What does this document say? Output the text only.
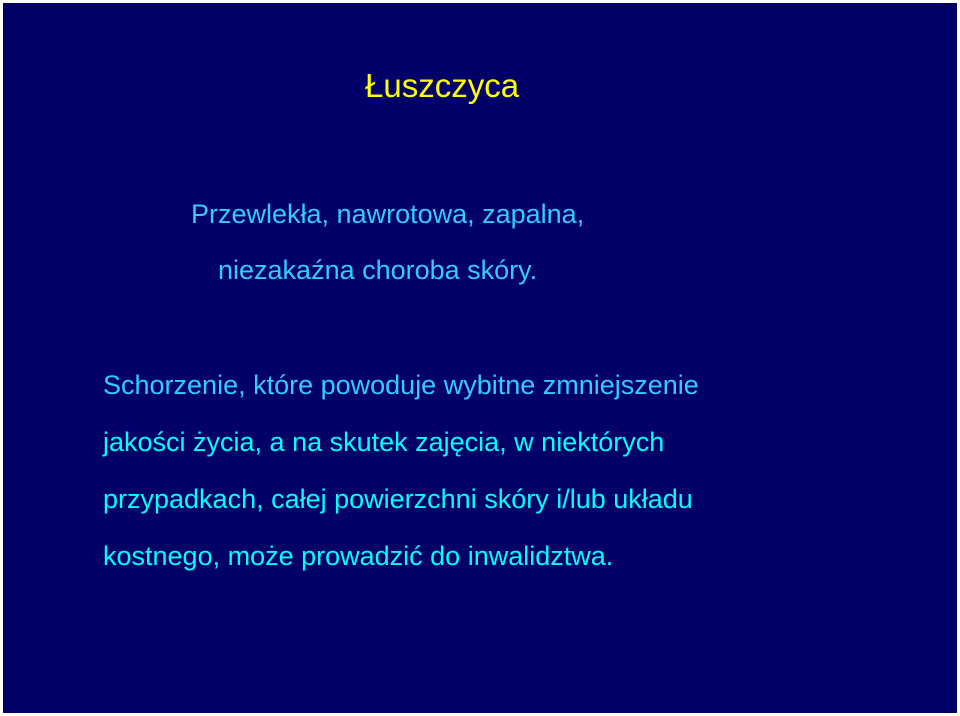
Łuszczyca
Przewlekła, nawrotowa, zapalna,
niezakaźna choroba skóry.
Schorzenie, które powoduje wybitne zmniejszenie
jakości życia, a na skutek zajęcia, w niektórych
przypadkach, całej powierzchni skóry i/lub układu
kostnego, może prowadzić do inwalidztwa.
